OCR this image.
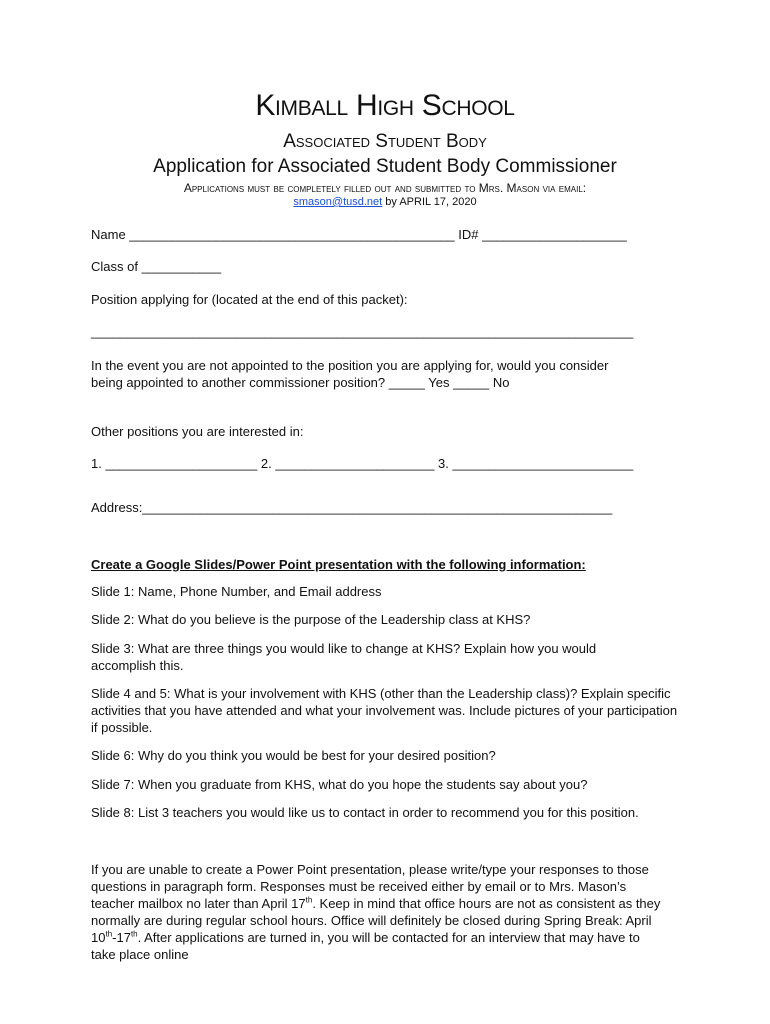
Kimball High School
Associated Student Body
Application for Associated Student Body Commissioner
Applications must be completely filled out and submitted to Mrs. Mason via email:
smason@tusd.net by APRIL 17, 2020
Name _____________________________________________ ID# ____________________
Class of ___________
Position applying for (located at the end of this packet):
___________________________________________________________________________
In the event you are not appointed to the position you are applying for, would you consider
being appointed to another commissioner position? _____ Yes _____ No
Other positions you are interested in:
1. _____________________ 2. ______________________ 3. _________________________
Address:_________________________________________________________________
Create a Google Slides/Power Point presentation with the following information:
Slide 1: Name, Phone Number, and Email address
Slide 2: What do you believe is the purpose of the Leadership class at KHS?
Slide 3: What are three things you would like to change at KHS? Explain how you would accomplish this.
Slide 4 and 5: What is your involvement with KHS (other than the Leadership class)? Explain specific activities that you have attended and what your involvement was. Include pictures of your participation if possible.
Slide 6: Why do you think you would be best for your desired position?
Slide 7: When you graduate from KHS, what do you hope the students say about you?
Slide 8: List 3 teachers you would like us to contact in order to recommend you for this position.
If you are unable to create a Power Point presentation, please write/type your responses to those questions in paragraph form. Responses must be received either by email or to Mrs. Mason’s teacher mailbox no later than April 17th. Keep in mind that office hours are not as consistent as they normally are during regular school hours. Office will definitely be closed during Spring Break: April 10th-17th. After applications are turned in, you will be contacted for an interview that may have to take place online
